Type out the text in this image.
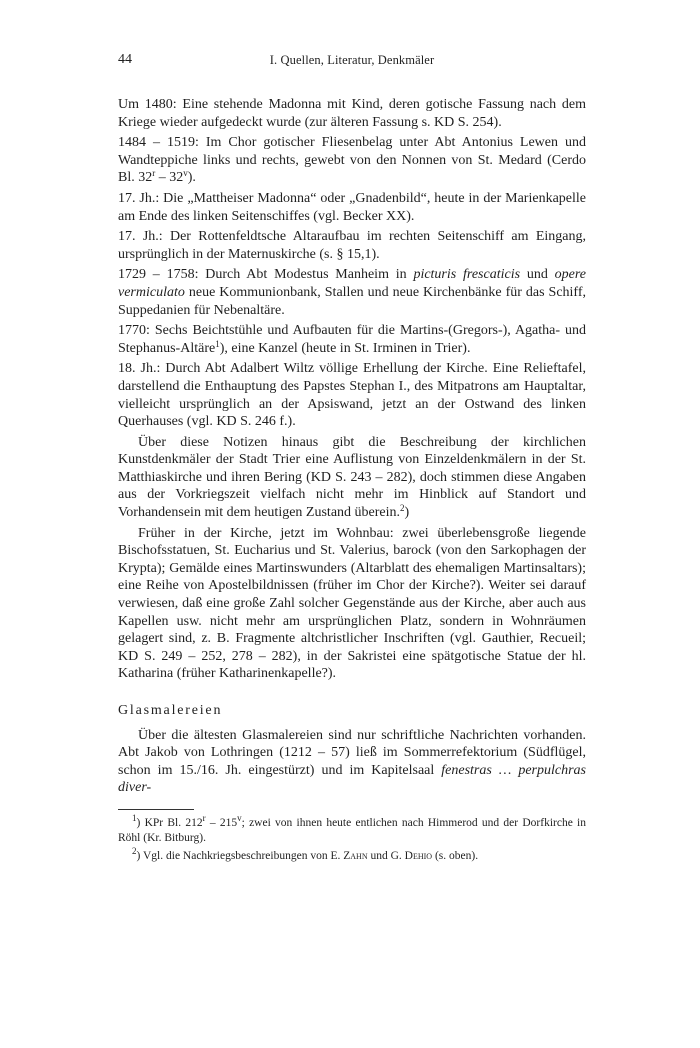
44	I. Quellen, Literatur, Denkmäler

Um 1480: Eine stehende Madonna mit Kind, deren gotische Fassung nach dem Kriege wieder aufgedeckt wurde (zur älteren Fassung s. KD S. 254).

1484 – 1519: Im Chor gotischer Fliesenbelag unter Abt Antonius Lewen und Wandteppiche links und rechts, gewebt von den Nonnen von St. Medard (Cerdo Bl. 32$^r$ – 32$^v$).

17. Jh.: Die „Mattheiser Madonna“ oder „Gnadenbild“, heute in der Marienkapelle am Ende des linken Seitenschiffes (vgl. Becker XX).

17. Jh.: Der Rottenfeldtsche Altaraufbau im rechten Seitenschiff am Eingang, ursprünglich in der Maternuskirche (s. § 15,1).

1729 – 1758: Durch Abt Modestus Manheim in picturis frescaticis und opere vermiculato neue Kommunionbank, Stallen und neue Kirchenbänke für das Schiff, Suppedanien für Nebenaltäre.

1770: Sechs Beichtstühle und Aufbauten für die Martins-(Gregors-), Agatha- und Stephanus-Altäre$^1$), eine Kanzel (heute in St. Irminen in Trier).

18. Jh.: Durch Abt Adalbert Wiltz völlige Erhellung der Kirche. Eine Relieftafel, darstellend die Enthauptung des Papstes Stephan I., des Mitpatrons am Hauptaltar, vielleicht ursprünglich an der Apsiswand, jetzt an der Ostwand des linken Querhauses (vgl. KD S. 246 f.).

Über diese Notizen hinaus gibt die Beschreibung der kirchlichen Kunstdenkmäler der Stadt Trier eine Auflistung von Einzeldenkmälern in der St. Matthiaskirche und ihren Bering (KD S. 243 – 282), doch stimmen diese Angaben aus der Vorkriegszeit vielfach nicht mehr im Hinblick auf Standort und Vorhandensein mit dem heutigen Zustand überein.$^2$)

Früher in der Kirche, jetzt im Wohnbau: zwei überlebensgroße liegende Bischofsstatuen, St. Eucharius und St. Valerius, barock (von den Sarkophagen der Krypta); Gemälde eines Martinswunders (Altarblatt des ehemaligen Martinsaltars); eine Reihe von Apostelbildnissen (früher im Chor der Kirche?). Weiter sei darauf verwiesen, daß eine große Zahl solcher Gegenstände aus der Kirche, aber auch aus Kapellen usw. nicht mehr am ursprünglichen Platz, sondern in Wohnräumen gelagert sind, z. B. Fragmente altchristlicher Inschriften (vgl. Gauthier, Recueil; KD S. 249 – 252, 278 – 282), in der Sakristei eine spätgotische Statue der hl. Katharina (früher Katharinenkapelle?).

Glasmalereien

Über die ältesten Glasmalereien sind nur schriftliche Nachrichten vorhanden. Abt Jakob von Lothringen (1212 – 57) ließ im Sommerrefektorium (Südflügel, schon im 15./16. Jh. eingestürzt) und im Kapitelsaal fenestras … perpulchras diver-

$^1$) KPr Bl. 212$^r$ – 215$^v$; zwei von ihnen heute entlichen nach Himmerod und der Dorfkirche in Röhl (Kr. Bitburg).

$^2$) Vgl. die Nachkriegsbeschreibungen von E. Zahn und G. Dehio (s. oben).
